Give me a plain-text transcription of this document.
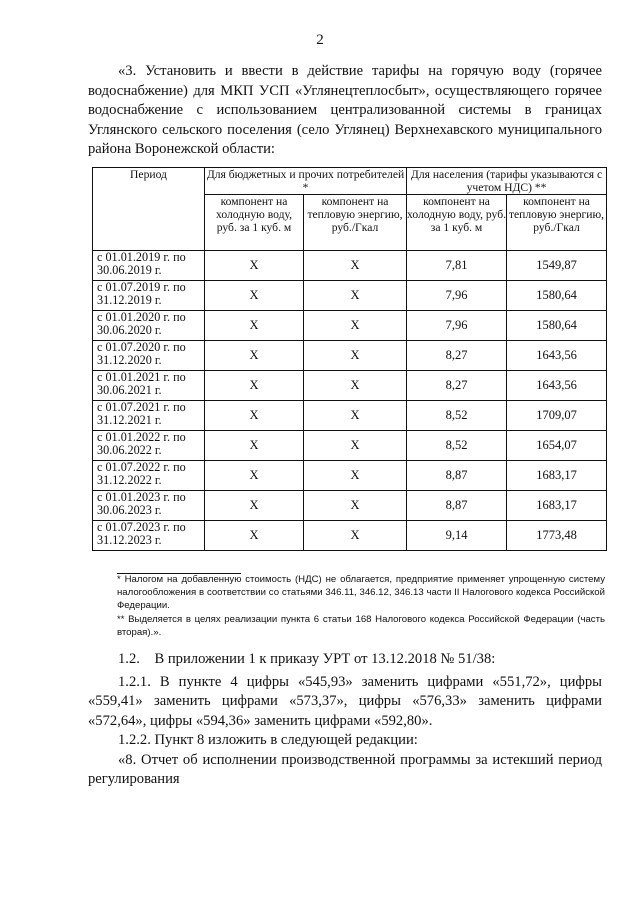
2
«3. Установить и ввести в действие тарифы на горячую воду (горячее водоснабжение) для МКП УСП «Углянецтеплосбыт», осуществляющего горячее водоснабжение с использованием централизованной системы в границах Углянского сельского поселения (село Углянец) Верхнехавского муниципального района Воронежской области:
Период	Для бюджетных и прочих потребителей *		Для населения (тарифы указываются с учетом НДС) **	
	компонент на холодную воду, руб. за 1 куб. м	компонент на тепловую энергию, руб./Гкал	компонент на холодную воду, руб. за 1 куб. м	компонент на тепловую энергию, руб./Гкал
с 01.01.2019 г. по 30.06.2019 г.	X	X	7,81	1549,87
с 01.07.2019 г. по 31.12.2019 г.	X	X	7,96	1580,64
с 01.01.2020 г. по 30.06.2020 г.	X	X	7,96	1580,64
с 01.07.2020 г. по 31.12.2020 г.	X	X	8,27	1643,56
с 01.01.2021 г. по 30.06.2021 г.	X	X	8,27	1643,56
с 01.07.2021 г. по 31.12.2021 г.	X	X	8,52	1709,07
с 01.01.2022 г. по 30.06.2022 г.	X	X	8,52	1654,07
с 01.07.2022 г. по 31.12.2022 г.	X	X	8,87	1683,17
с 01.01.2023 г. по 30.06.2023 г.	X	X	8,87	1683,17
с 01.07.2023 г. по 31.12.2023 г.	X	X	9,14	1773,48

* Налогом на добавленную стоимость (НДС) не облагается, предприятие применяет упрощенную систему налогообложения в соответствии со статьями 346.11, 346.12, 346.13 части II Налогового кодекса Российской Федерации.

** Выделяется в целях реализации пункта 6 статьи 168 Налогового кодекса Российской Федерации (часть вторая).».

1.2.    В приложении 1 к приказу УРТ от 13.12.2018 № 51/38:

1.2.1. В пункте 4 цифры «545,93» заменить цифрами «551,72», цифры «559,41» заменить цифрами «573,37», цифры «576,33» заменить цифрами «572,64», цифры «594,36» заменить цифрами «592,80».

1.2.2. Пункт 8 изложить в следующей редакции:

«8. Отчет об исполнении производственной программы за истекший период регулирования
